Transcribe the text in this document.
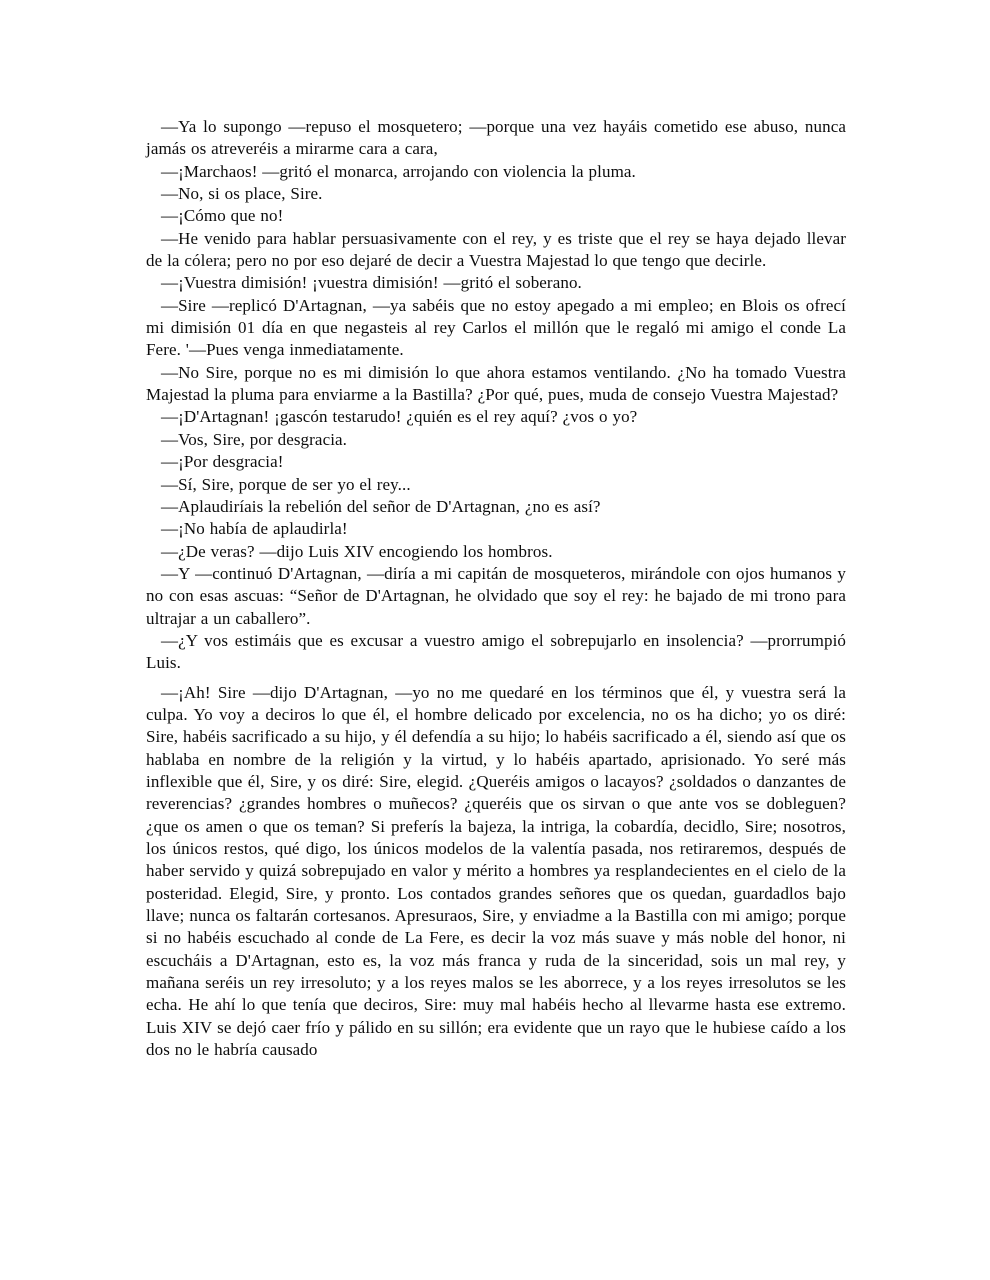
—Ya lo supongo —repuso el mosquetero; —porque una vez hayáis cometido ese abuso, nunca jamás os atreveréis a mirarme cara a cara,

—¡Marchaos! —gritó el monarca, arrojando con violencia la pluma.

—No, si os place, Sire.

—¡Cómo que no!

—He venido para hablar persuasivamente con el rey, y es triste que el rey se haya dejado llevar de la cólera; pero no por eso dejaré de decir a Vuestra Majestad lo que tengo que decirle.

—¡Vuestra dimisión! ¡vuestra dimisión! —gritó el soberano.

—Sire —replicó D'Artagnan, —ya sabéis que no estoy apegado a mi empleo; en Blois os ofrecí mi dimisión 01 día en que negasteis al rey Carlos el millón que le regaló mi amigo el conde La Fere. '—Pues venga inmediatamente.

—No Sire, porque no es mi dimisión lo que ahora estamos ventilando. ¿No ha tomado Vuestra Majestad la pluma para enviarme a la Bastilla? ¿Por qué, pues, muda de consejo Vuestra Majestad?

—¡D'Artagnan! ¡gascón testarudo! ¿quién es el rey aquí? ¿vos o yo?

—Vos, Sire, por desgracia.

—¡Por desgracia!

—Sí, Sire, porque de ser yo el rey...

—Aplaudiríais la rebelión del señor de D'Artagnan, ¿no es así?

—¡No había de aplaudirla!

—¿De veras? —dijo Luis XIV encogiendo los hombros.

—Y —continuó D'Artagnan, —diría a mi capitán de mosqueteros, mirándole con ojos humanos y no con esas ascuas: “Señor de D'Artagnan, he olvidado que soy el rey: he bajado de mi trono para ultrajar a un caballero”.

—¿Y vos estimáis que es excusar a vuestro amigo el sobrepujarlo en insolencia? —prorrumpió Luis.

—¡Ah! Sire —dijo D'Artagnan, —yo no me quedaré en los términos que él, y vuestra será la culpa. Yo voy a deciros lo que él, el hombre delicado por excelencia, no os ha dicho; yo os diré: Sire, habéis sacrificado a su hijo, y él defendía a su hijo; lo habéis sacrificado a él, siendo así que os hablaba en nombre de la religión y la virtud, y lo habéis apartado, aprisionado. Yo seré más inflexible que él, Sire, y os diré: Sire, elegid. ¿Queréis amigos o lacayos? ¿soldados o danzantes de reverencias? ¿grandes hombres o muñecos? ¿queréis que os sirvan o que ante vos se dobleguen? ¿que os amen o que os teman? Si preferís la bajeza, la intriga, la cobardía, decidlo, Sire; nosotros, los únicos restos, qué digo, los únicos modelos de la valentía pasada, nos retiraremos, después de haber servido y quizá sobrepujado en valor y mérito a hombres ya resplandecientes en el cielo de la posteridad. Elegid, Sire, y pronto. Los contados grandes señores que os quedan, guardadlos bajo llave; nunca os faltarán cortesanos. Apresuraos, Sire, y enviadme a la Bastilla con mi amigo; porque si no habéis escuchado al conde de La Fere, es decir la voz más suave y más noble del honor, ni escucháis a D'Artagnan, esto es, la voz más franca y ruda de la sinceridad, sois un mal rey, y mañana seréis un rey irresoluto; y a los reyes malos se les aborrece, y a los reyes irresolutos se les echa. He ahí lo que tenía que deciros, Sire: muy mal habéis hecho al llevarme hasta ese extremo. Luis XIV se dejó caer frío y pálido en su sillón; era evidente que un rayo que le hubiese caído a los dos no le habría causado
